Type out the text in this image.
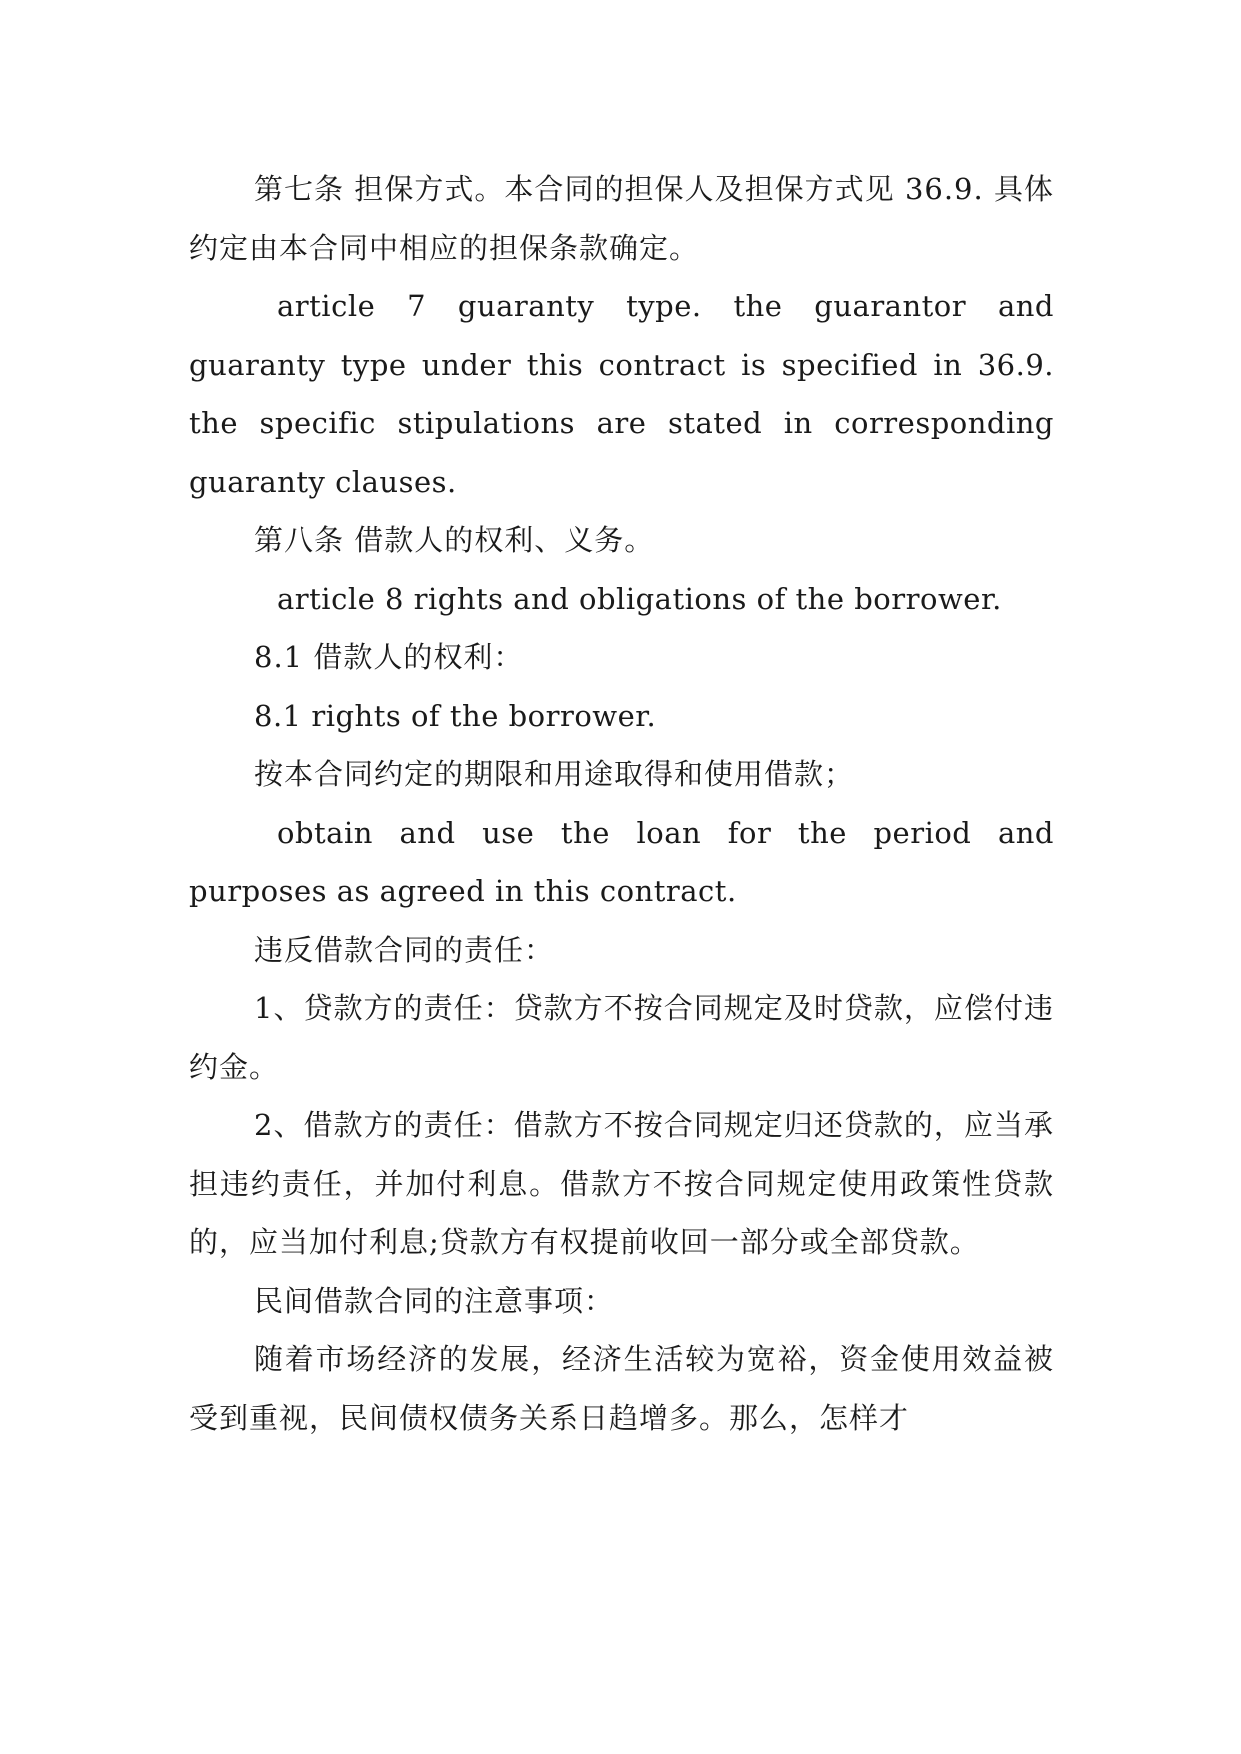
第七条 担保方式。本合同的担保人及担保方式见 36.9. 具体约定由本合同中相应的担保条款确定。

article 7 guaranty type. the guarantor and guaranty type under this contract is specified in 36.9. the specific stipulations are stated in corresponding guaranty clauses.

第八条 借款人的权利、义务。

article 8 rights and obligations of the borrower.

8.1 借款人的权利：

8.1 rights of the borrower.

按本合同约定的期限和用途取得和使用借款；

obtain and use the loan for the period and purposes as agreed in this contract.

违反借款合同的责任：

1、贷款方的责任：贷款方不按合同规定及时贷款，应偿付违约金。

2、借款方的责任：借款方不按合同规定归还贷款的，应当承担违约责任，并加付利息。借款方不按合同规定使用政策性贷款的，应当加付利息;贷款方有权提前收回一部分或全部贷款。

民间借款合同的注意事项：

随着市场经济的发展，经济生活较为宽裕，资金使用效益被受到重视，民间债权债务关系日趋增多。那么，怎样才
